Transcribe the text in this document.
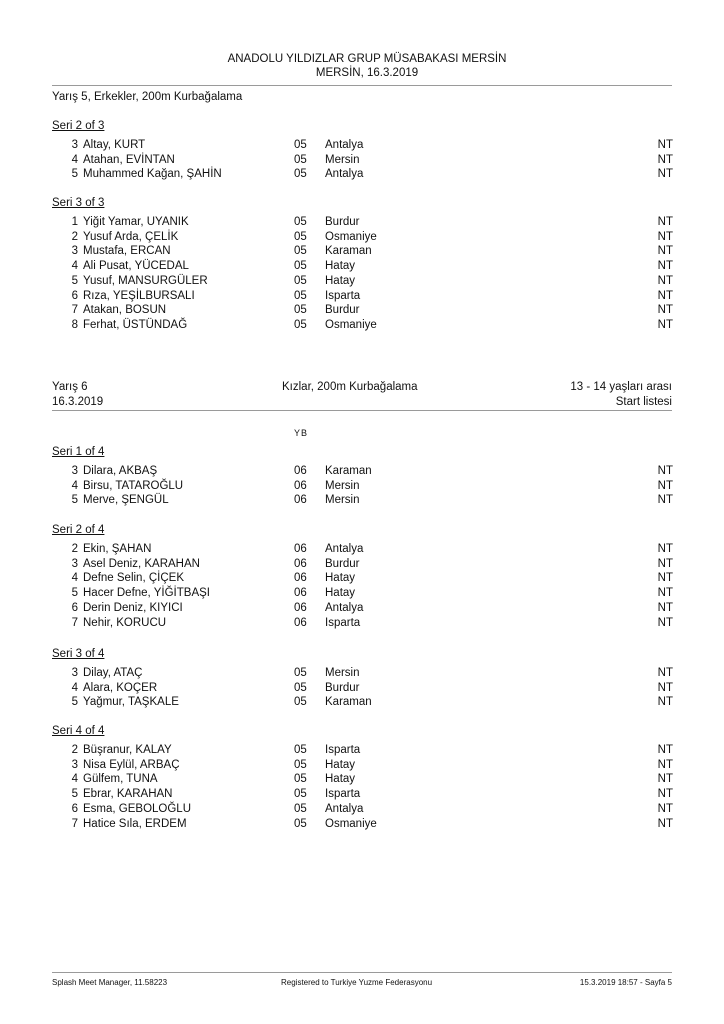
ANADOLU YILDIZLAR GRUP MÜSABAKASI MERSİN
MERSİN, 16.3.2019
Yarış 5, Erkekler, 200m Kurbağalama
Seri 2 of 3
3 Altay, KURT	05 Antalya	NT
4 Atahan, EVİNTAN	05 Mersin	NT
5 Muhammed Kağan, ŞAHİN	05 Antalya	NT
Seri 3 of 3
1 Yiğit Yamar, UYANIK	05 Burdur	NT
2 Yusuf Arda, ÇELİK	05 Osmaniye	NT
3 Mustafa, ERCAN	05 Karaman	NT
4 Ali Pusat, YÜCEDAL	05 Hatay	NT
5 Yusuf, MANSURGÜLER	05 Hatay	NT
6 Rıza, YEŞİLBURSALI	05 Isparta	NT
7 Atakan, BOSUN	05 Burdur	NT
8 Ferhat, ÜSTÜNDAĞ	05 Osmaniye	NT
Yarış 6
16.3.2019
Kızlar, 200m Kurbağalama	13 - 14 yaşları arası
Start listesi
YB
Seri 1 of 4
3 Dilara, AKBAŞ	06 Karaman	NT
4 Birsu, TATAROĞLU	06 Mersin	NT
5 Merve, ŞENGÜL	06 Mersin	NT
Seri 2 of 4
2 Ekin, ŞAHAN	06 Antalya	NT
3 Asel Deniz, KARAHAN	06 Burdur	NT
4 Defne Selin, ÇİÇEK	06 Hatay	NT
5 Hacer Defne, YİĞİTBAŞI	06 Hatay	NT
6 Derin Deniz, KIYICI	06 Antalya	NT
7 Nehir, KORUCU	06 Isparta	NT
Seri 3 of 4
3 Dilay, ATAÇ	05 Mersin	NT
4 Alara, KOÇER	05 Burdur	NT
5 Yağmur, TAŞKALE	05 Karaman	NT
Seri 4 of 4
2 Büşranur, KALAY	05 Isparta	NT
3 Nisa Eylül, ARBAÇ	05 Hatay	NT
4 Gülfem, TUNA	05 Hatay	NT
5 Ebrar, KARAHAN	05 Isparta	NT
6 Esma, GEBOLOĞLU	05 Antalya	NT
7 Hatice Sıla, ERDEM	05 Osmaniye	NT
Splash Meet Manager, 11.58223	Registered to Turkiye Yuzme Federasyonu	15.3.2019 18:57 - Sayfa 5
